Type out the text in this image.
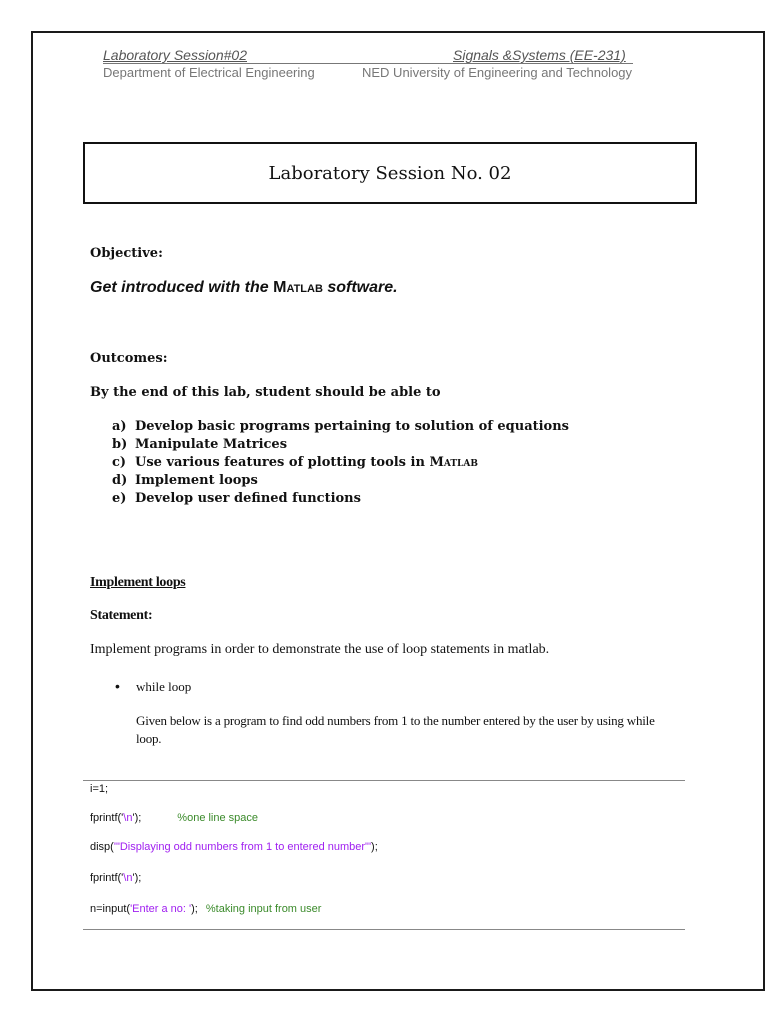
Laboratory Session#02	Signals &Systems (EE-231)
Department of Electrical Engineering	NED University of Engineering and Technology
Laboratory Session No. 02
Objective:
Get introduced with the Matlab software.
Outcomes:
By the end of this lab, student should be able to
a) Develop basic programs pertaining to solution of equations
b) Manipulate Matrices
c) Use various features of plotting tools in Matlab
d) Implement loops
e) Develop user defined functions
Implement loops
Statement:
Implement programs in order to demonstrate the use of loop statements in matlab.
• while loop
Given below is a program to find odd numbers from 1 to the number entered by the user by using while loop.
i=1;
fprintf('\n');	%one line space
disp('"Displaying odd numbers from 1 to entered number"');
fprintf('\n');
n=input('Enter a no: '); %taking input from user
